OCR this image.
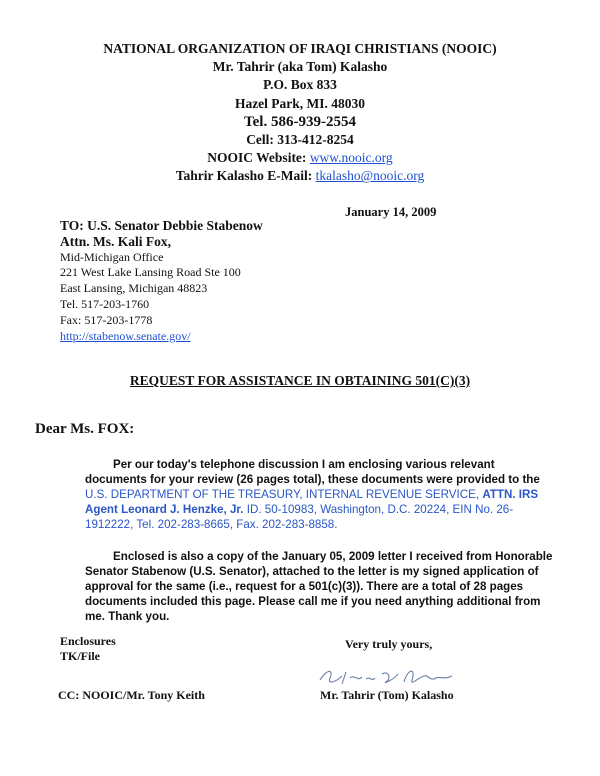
NATIONAL ORGANIZATION OF IRAQI CHRISTIANS (NOOIC)
Mr. Tahrir (aka Tom) Kalasho
P.O. Box 833
Hazel Park, MI. 48030
Tel. 586-939-2554
Cell: 313-412-8254
NOOIC Website: www.nooic.org
Tahrir Kalasho E-Mail: tkalasho@nooic.org
January 14, 2009
TO: U.S. Senator Debbie Stabenow
Attn. Ms. Kali Fox,
Mid-Michigan Office
221 West Lake Lansing Road Ste 100
East Lansing, Michigan 48823
Tel. 517-203-1760
Fax: 517-203-1778
http://stabenow.senate.gov/
REQUEST FOR ASSISTANCE IN OBTAINING 501(C)(3)
Dear Ms. FOX:
Per our today's telephone discussion I am enclosing various relevant documents for your review (26 pages total), these documents were provided to the U.S. DEPARTMENT OF THE TREASURY, INTERNAL REVENUE SERVICE, ATTN. IRS Agent Leonard J. Henzke, Jr. ID. 50-10983, Washington, D.C. 20224, EIN No. 26-1912222, Tel. 202-283-8665, Fax. 202-283-8858.
Enclosed is also a copy of the January 05, 2009 letter I received from Honorable Senator Stabenow (U.S. Senator), attached to the letter is my signed application of approval for the same (i.e., request for a 501(c)(3)). There are a total of 28 pages documents included this page. Please call me if you need anything additional from me. Thank you.
Enclosures
TK/File
Very truly yours,
Mr. Tahrir (Tom) Kalasho
CC: NOOIC/Mr. Tony Keith
